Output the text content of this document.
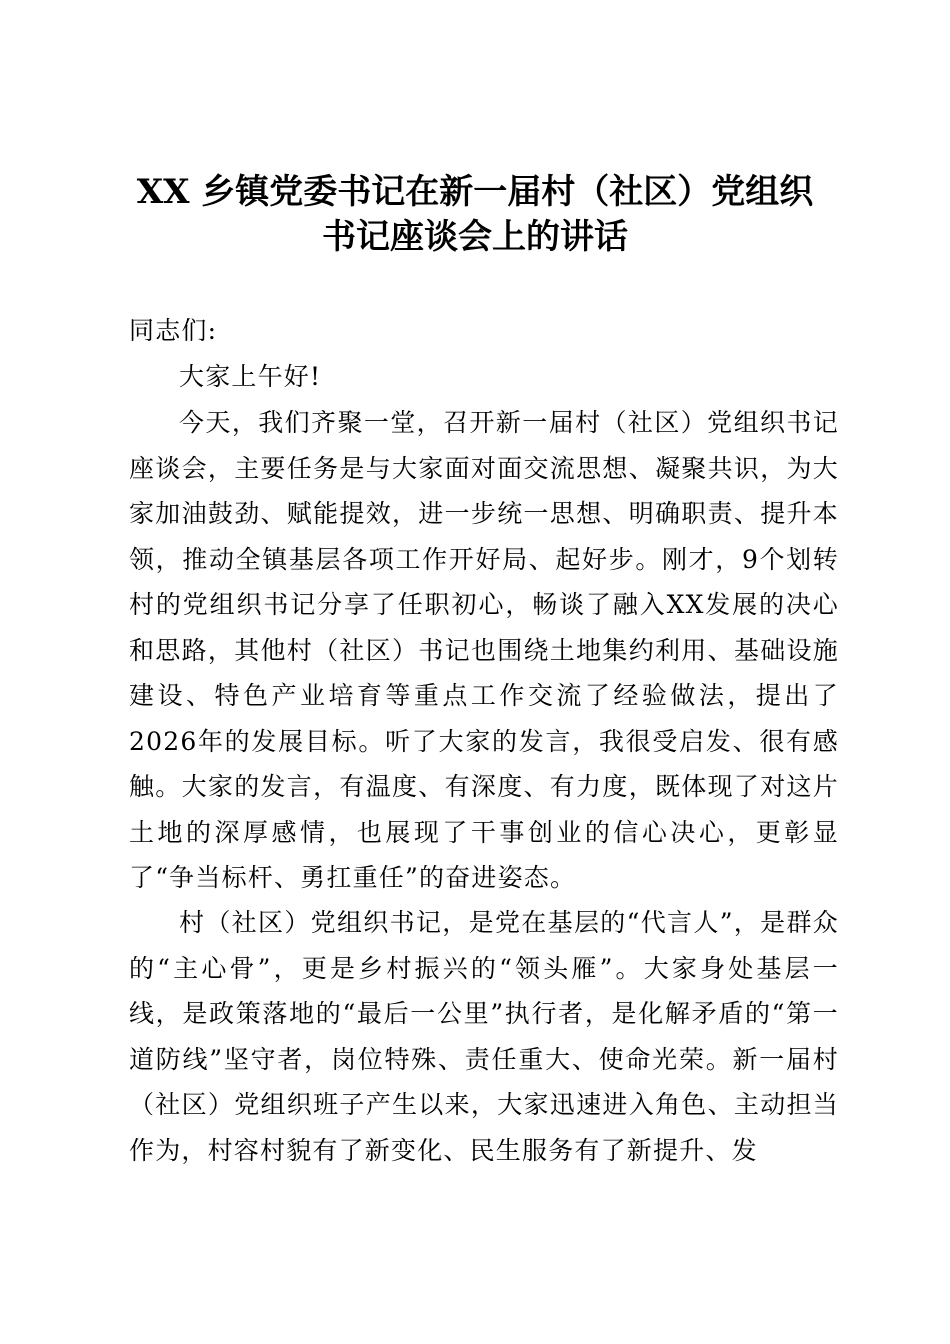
XX 乡镇党委书记在新一届村（社区）党组织
书记座谈会上的讲话
同志们:
大家上午好!
今天，我们齐聚一堂，召开新一届村（社区）党组织书记座谈会，主要任务是与大家面对面交流思想、凝聚共识，为大家加油鼓劲、赋能提效，进一步统一思想、明确职责、提升本领，推动全镇基层各项工作开好局、起好步。刚才，9个划转村的党组织书记分享了任职初心，畅谈了融入XX发展的决心和思路，其他村（社区）书记也围绕土地集约利用、基础设施建设、特色产业培育等重点工作交流了经验做法，提出了2026年的发展目标。听了大家的发言，我很受启发、很有感触。大家的发言，有温度、有深度、有力度，既体现了对这片土地的深厚感情，也展现了干事创业的信心决心，更彰显了“争当标杆、勇扛重任”的奋进姿态。
村（社区）党组织书记，是党在基层的“代言人”，是群众的“主心骨”，更是乡村振兴的“领头雁”。大家身处基层一线，是政策落地的“最后一公里”执行者，是化解矛盾的“第一道防线”坚守者，岗位特殊、责任重大、使命光荣。新一届村（社区）党组织班子产生以来，大家迅速进入角色、主动担当作为，村容村貌有了新变化、民生服务有了新提升、发
